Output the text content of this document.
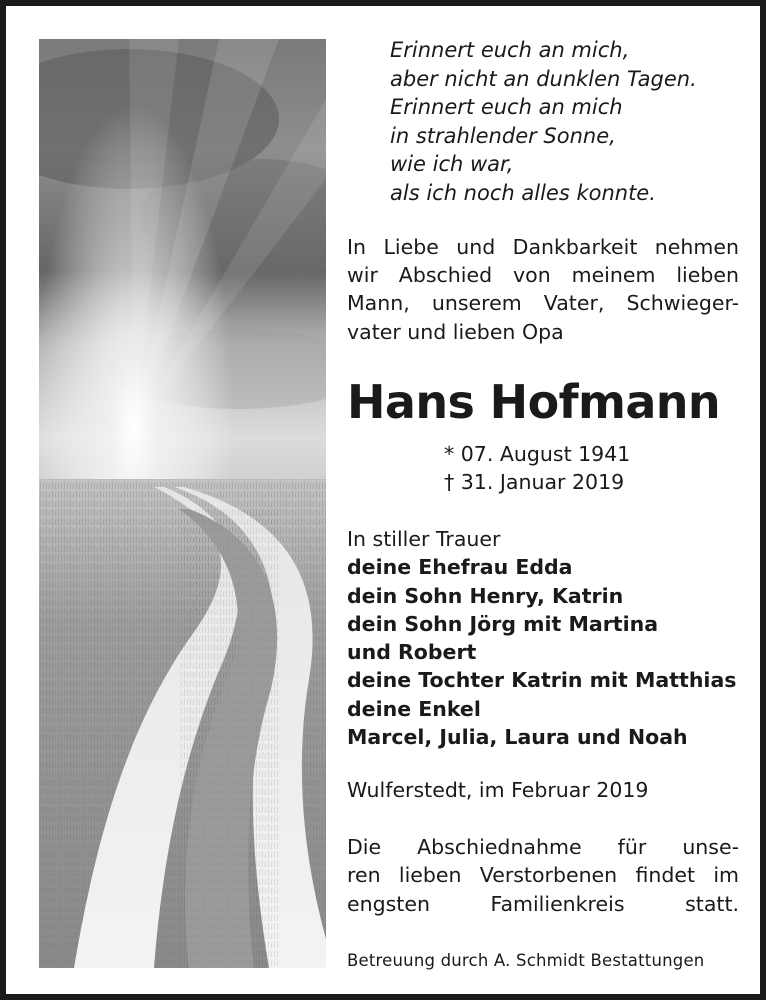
Erinnert euch an mich,
aber nicht an dunklen Tagen.
Erinnert euch an mich
in strahlender Sonne,
wie ich war,
als ich noch alles konnte.
In Liebe und Dankbarkeit nehmen
wir Abschied von meinem lieben
Mann, unserem Vater, Schwieger-
vater und lieben Opa
Hans Hofmann
* 07. August 1941
† 31. Januar 2019
In stiller Trauer
deine Ehefrau Edda
dein Sohn Henry, Katrin
dein Sohn Jörg mit Martina
und Robert
deine Tochter Katrin mit Matthias
deine Enkel
Marcel, Julia, Laura und Noah
Wulferstedt, im Februar 2019
Die Abschiednahme für unse-
ren lieben Verstorbenen findet im
engsten	Familienkreis	statt.
Betreuung durch A. Schmidt Bestattungen
